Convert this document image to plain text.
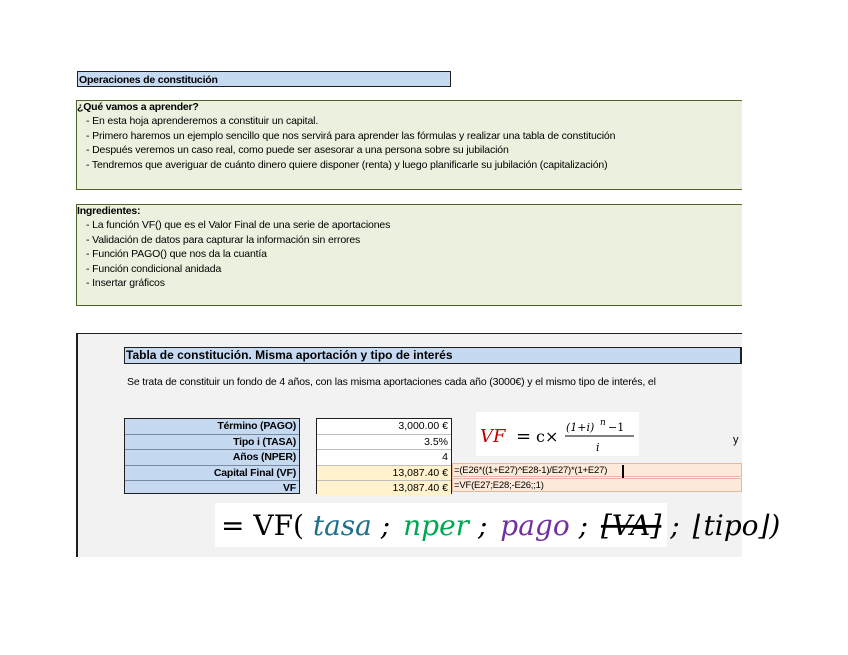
Operaciones de constitución
¿Qué vamos a aprender?
- En esta hoja aprenderemos a constituir un capital.
- Primero haremos un ejemplo sencillo que nos servirá para aprender las fórmulas y realizar una tabla de constitución
- Después veremos un caso real, como puede ser asesorar a una persona sobre su jubilación
- Tendremos que averiguar de cuánto dinero quiere disponer (renta) y luego planificarle su jubilación (capitalización)
Ingredientes:
- La función VF() que es el Valor Final de una serie de aportaciones
- Validación de datos para capturar la información sin errores
- Función PAGO() que nos da la cuantía
- Función condicional anidada
- Insertar gráficos
Tabla de constitución. Misma aportación y tipo de interés
Se trata de constituir un fondo de 4 años, con las misma aportaciones cada año (3000€) y el mismo tipo de interés, el
Término (PAGO)
Tipo i (TASA)
Años (NPER)
Capital Final (VF)
VF
3,000.00 €
3.5%
4
13,087.40 €
13,087.40 €
=(E26*((1+E27)^E28-1)/E27)*(1+E27)
=VF(E27;E28;-E26;;1)
y
VF = c× (1+i) n −1
i
= VF( tasa ; nper ; pago ; [VA] ; ⌊tipo⌋)
